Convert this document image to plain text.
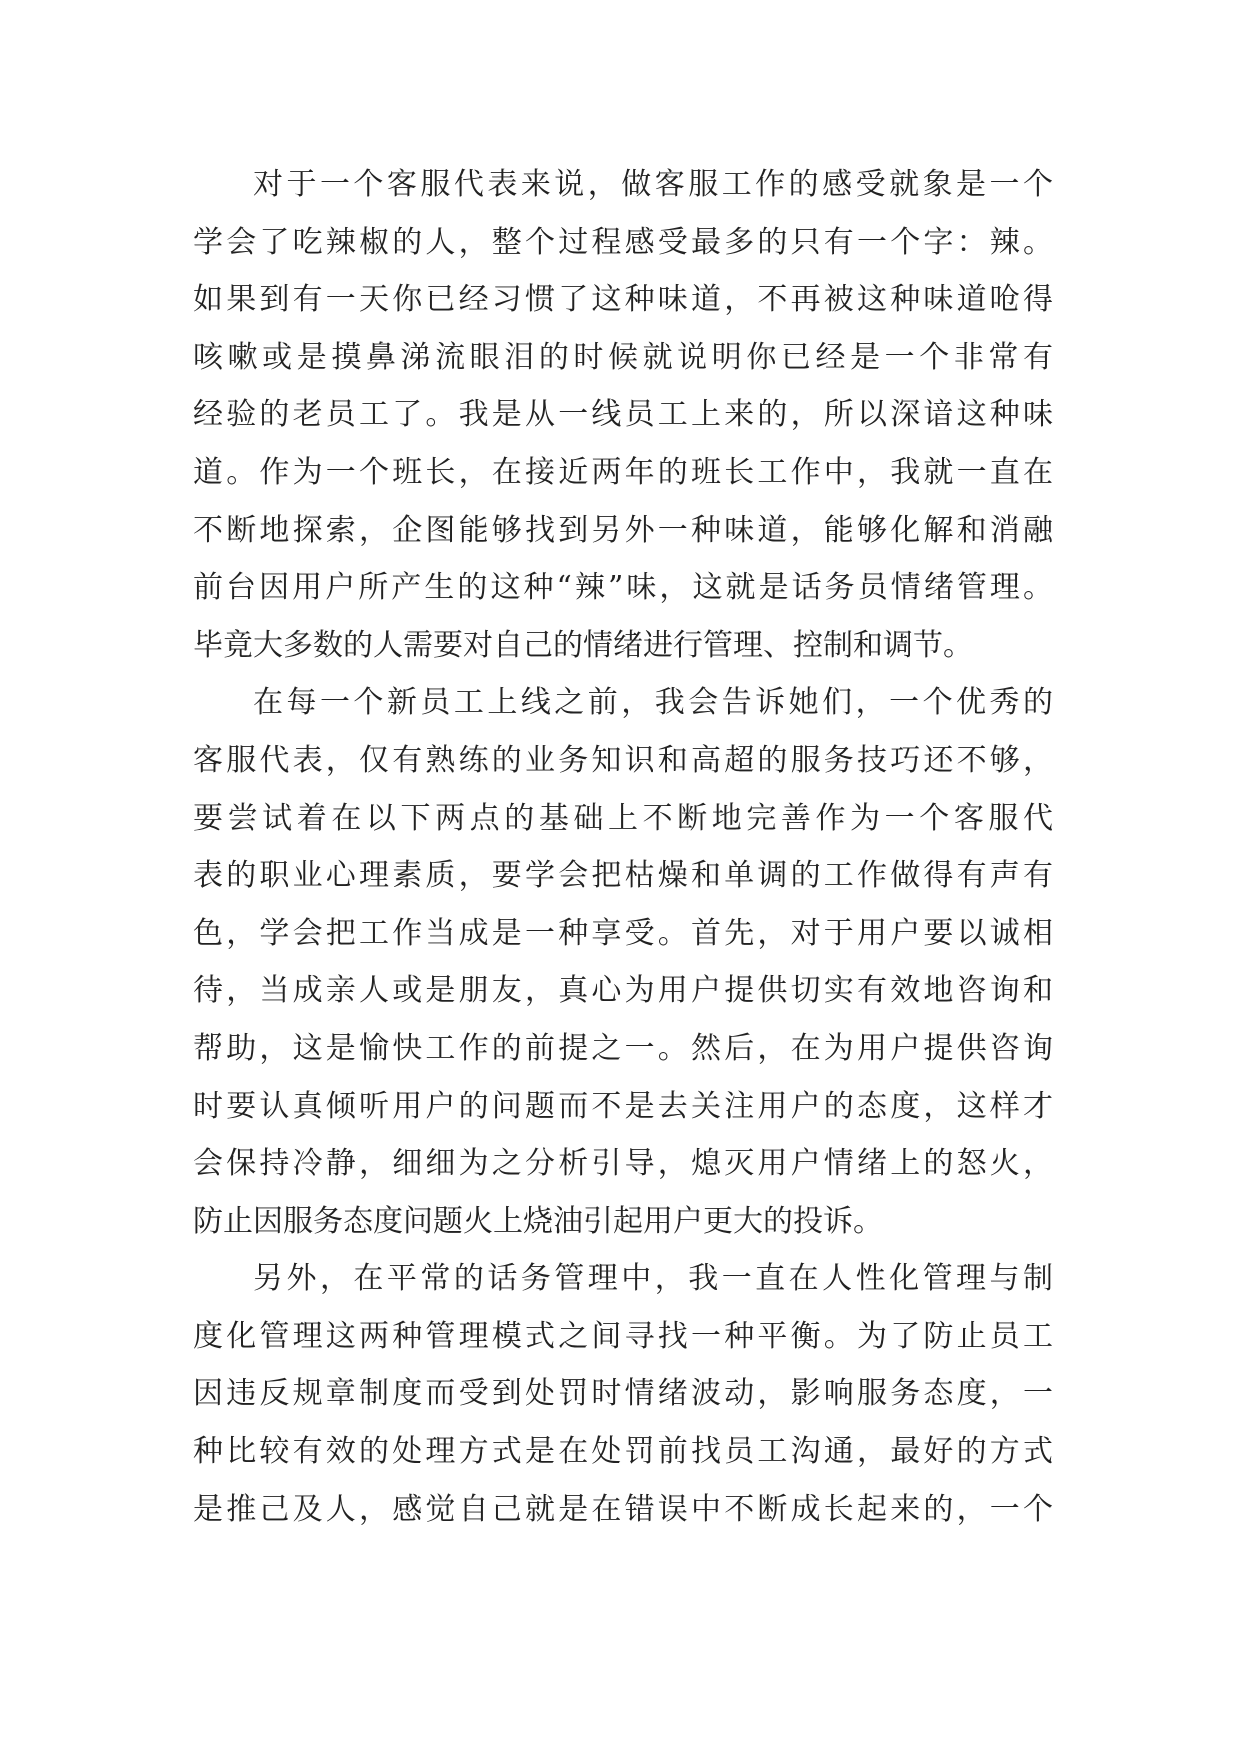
对于一个客服代表来说，做客服工作的感受就象是一个
学会了吃辣椒的人，整个过程感受最多的只有一个字：辣。
如果到有一天你已经习惯了这种味道，不再被这种味道呛得
咳嗽或是摸鼻涕流眼泪的时候就说明你已经是一个非常有
经验的老员工了。我是从一线员工上来的，所以深谙这种味
道。作为一个班长，在接近两年的班长工作中，我就一直在
不断地探索，企图能够找到另外一种味道，能够化解和消融
前台因用户所产生的这种“辣”味，这就是话务员情绪管理。
毕竟大多数的人需要对自己的情绪进行管理、控制和调节。
在每一个新员工上线之前，我会告诉她们，一个优秀的
客服代表，仅有熟练的业务知识和高超的服务技巧还不够，
要尝试着在以下两点的基础上不断地完善作为一个客服代
表的职业心理素质，要学会把枯燥和单调的工作做得有声有
色，学会把工作当成是一种享受。首先，对于用户要以诚相
待，当成亲人或是朋友，真心为用户提供切实有效地咨询和
帮助，这是愉快工作的前提之一。然后，在为用户提供咨询
时要认真倾听用户的问题而不是去关注用户的态度，这样才
会保持冷静，细细为之分析引导，熄灭用户情绪上的怒火，
防止因服务态度问题火上烧油引起用户更大的投诉。
另外，在平常的话务管理中，我一直在人性化管理与制
度化管理这两种管理模式之间寻找一种平衡。为了防止员工
因违反规章制度而受到处罚时情绪波动，影响服务态度，一
种比较有效的处理方式是在处罚前找员工沟通，最好的方式
是推己及人，感觉自己就是在错误中不断成长起来的，一个
